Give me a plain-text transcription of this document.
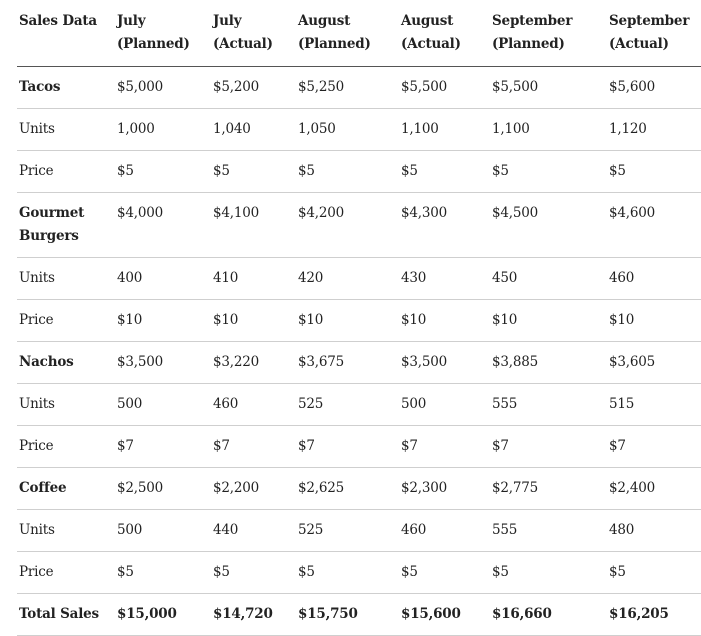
Sales Data	July (Planned)	July (Actual)	August (Planned)	August (Actual)	September (Planned)	September (Actual)
Tacos	$5,000	$5,200	$5,250	$5,500	$5,500	$5,600
Units	1,000	1,040	1,050	1,100	1,100	1,120
Price	$5	$5	$5	$5	$5	$5
Gourmet Burgers	$4,000	$4,100	$4,200	$4,300	$4,500	$4,600
Units	400	410	420	430	450	460
Price	$10	$10	$10	$10	$10	$10
Nachos	$3,500	$3,220	$3,675	$3,500	$3,885	$3,605
Units	500	460	525	500	555	515
Price	$7	$7	$7	$7	$7	$7
Coffee	$2,500	$2,200	$2,625	$2,300	$2,775	$2,400
Units	500	440	525	460	555	480
Price	$5	$5	$5	$5	$5	$5
Total Sales	$15,000	$14,720	$15,750	$15,600	$16,660	$16,205
